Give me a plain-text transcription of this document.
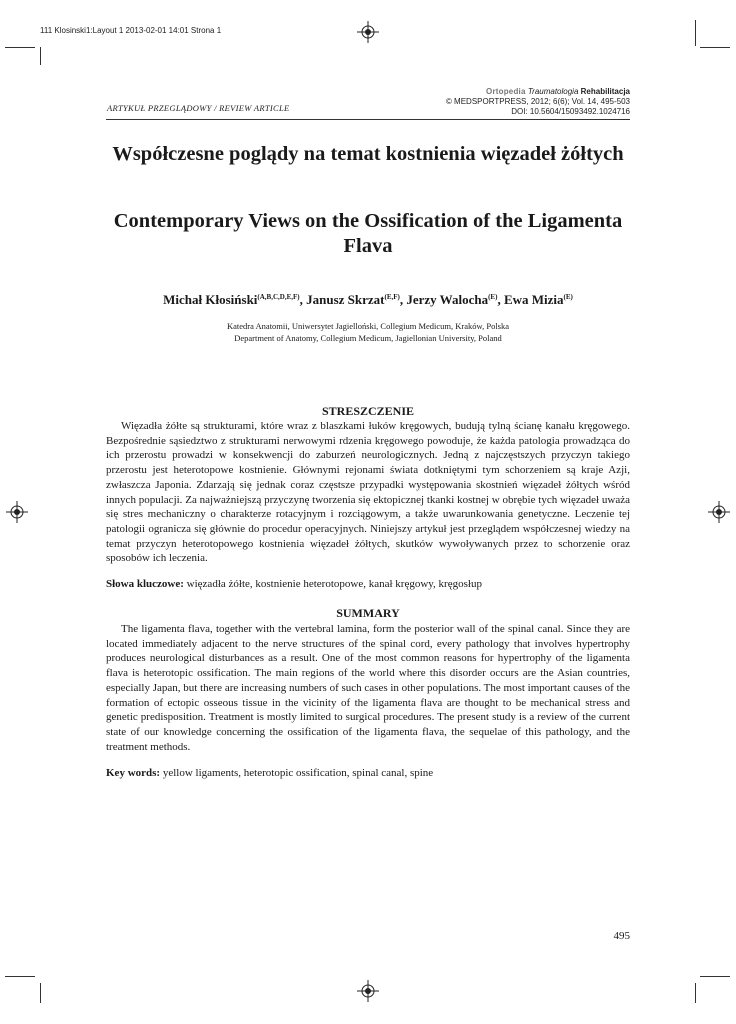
111 Klosinski1:Layout 1 2013-02-01 14:01 Strona 1
Ortopedia Traumatologia Rehabilitacja
© MEDSPORTPRESS, 2012; 6(6); Vol. 14, 495-503
DOI: 10.5604/15093492.1024716
ARTYKUŁ PRZEGLĄDOWY / REVIEW ARTICLE
Współczesne poglądy na temat kostnienia więzadeł żółtych
Contemporary Views on the Ossification of the Ligamenta Flava
Michał Kłosiński$^{(A,B,C,D,E,F)}$, Janusz Skrzat$^{(E,F)}$, Jerzy Walocha$^{(E)}$, Ewa Mizia$^{(E)}$
Katedra Anatomii, Uniwersytet Jagielloński, Collegium Medicum, Kraków, Polska
Department of Anatomy, Collegium Medicum, Jagiellonian University, Poland
STRESZCZENIE

Więzadła żółte są strukturami, które wraz z blaszkami łuków kręgowych, budują tylną ścianę kanału kręgowego. Bezpośrednie sąsiedztwo z strukturami nerwowymi rdzenia kręgowego powoduje, że każda patologia prowadząca do ich przerostu prowadzi w konsekwencji do zaburzeń neurologicznych. Jedną z najczęstszych przyczyn takiego przerostu jest heterotopowe kostnienie. Głównymi rejonami świata dotkniętymi tym schorzeniem są kraje Azji, zwłaszcza Japonia. Zdarzają się jednak coraz częstsze przypadki występowania skostnień więzadeł żółtych wśród innych populacji. Za najważniejszą przyczynę tworzenia się ektopicznej tkanki kostnej w obrębie tych więzadeł uważa się stres mechaniczny o charakterze rotacyjnym i rozciągowym, a także uwarunkowania genetyczne. Leczenie tej patologii ogranicza się głównie do procedur operacyjnych. Niniejszy artykuł jest przeglądem współczesnej wiedzy na temat przyczyn heterotopowego kostnienia więzadeł żółtych, skutków wywoływanych przez to schorzenie oraz sposobów ich leczenia.

Słowa kluczowe: więzadła żółte, kostnienie heterotopowe, kanał kręgowy, kręgosłup
SUMMARY

The ligamenta flava, together with the vertebral lamina, form the posterior wall of the spinal canal. Since they are located immediately adjacent to the nerve structures of the spinal cord, every pathology that involves hypertrophy produces neurological disturbances as a result. One of the most common reasons for hypertrophy of the ligamenta flava is heterotopic ossification. The main regions of the world where this disorder occurs are the Asian countries, especially Japan, but there are increasing numbers of such cases in other populations. The most important causes of the formation of ectopic osseous tissue in the vicinity of the ligamenta flava are thought to be mechanical stress and genetic predisposition. Treatment is mostly limited to surgical procedures. The present study is a review of the current state of our knowledge concerning the ossification of the ligamenta flava, the sequelae of this pathology, and the treatment methods.

Key words: yellow ligaments, heterotopic ossification, spinal canal, spine
495
